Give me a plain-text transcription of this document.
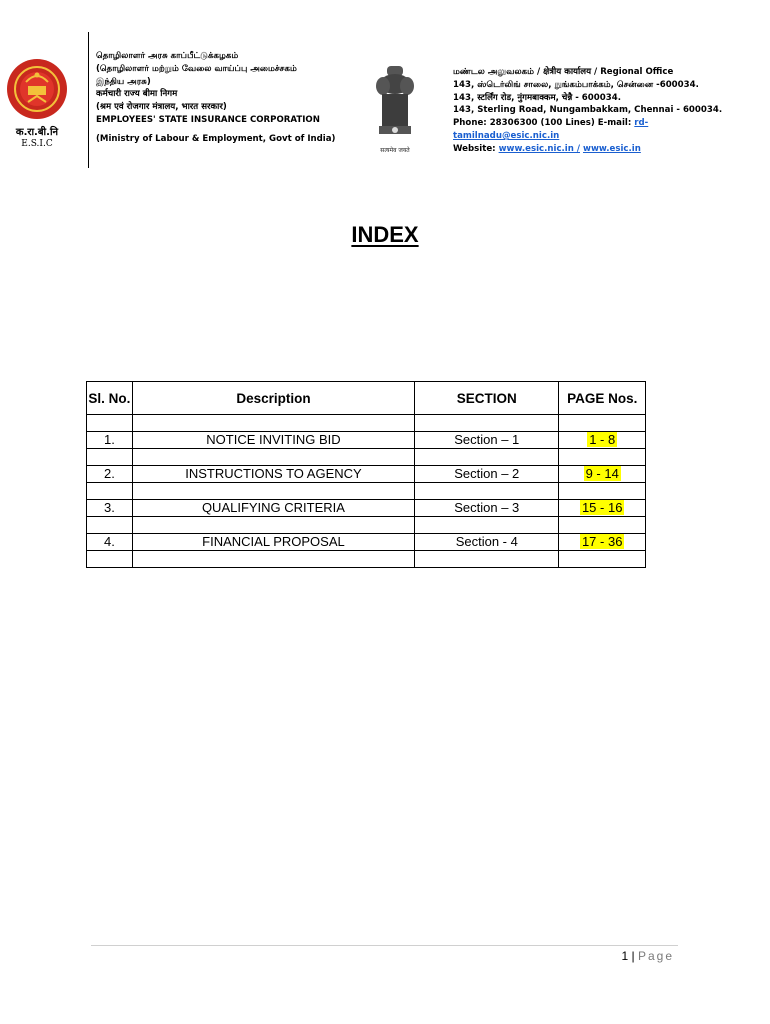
क.रा.बी.नि
E.S.I.C
தொழிலாளர் அரசு காப்பீட்டுக்கழகம்
(தொழிலாளர் மற்றும் வேலை வாய்ப்பு அமைச்சகம்
இந்திய அரசு)
कर्मचारी राज्य बीमा निगम
(श्रम एवं रोजगार मंत्रालय, भारत सरकार)
EMPLOYEES' STATE INSURANCE CORPORATION
(Ministry of Labour & Employment, Govt of India)
सत्यमेव जयते
மண்டல அலுவலகம் / क्षेत्रीय कार्यालय / Regional Office
143, ஸ்டெர்லிங் சாலை, நுங்கம்பாக்கம், சென்னை -600034.
143, स्टर्लिंग रोड, नुंगमबाक्कम, चेन्नै - 600034.
143, Sterling Road, Nungambakkam, Chennai - 600034.
Phone: 28306300 (100 Lines) E-mail: rd-
tamilnadu@esic.nic.in
Website: www.esic.nic.in / www.esic.in
INDEX
Sl. No.	Description	SECTION	PAGE Nos.

1.	NOTICE INVITING BID	Section – 1	1 - 8

2.	INSTRUCTIONS TO AGENCY	Section – 2	9 - 14

3.	QUALIFYING CRITERIA	Section – 3	15 - 16

4.	FINANCIAL PROPOSAL	Section - 4	17 - 36

1 | Page
